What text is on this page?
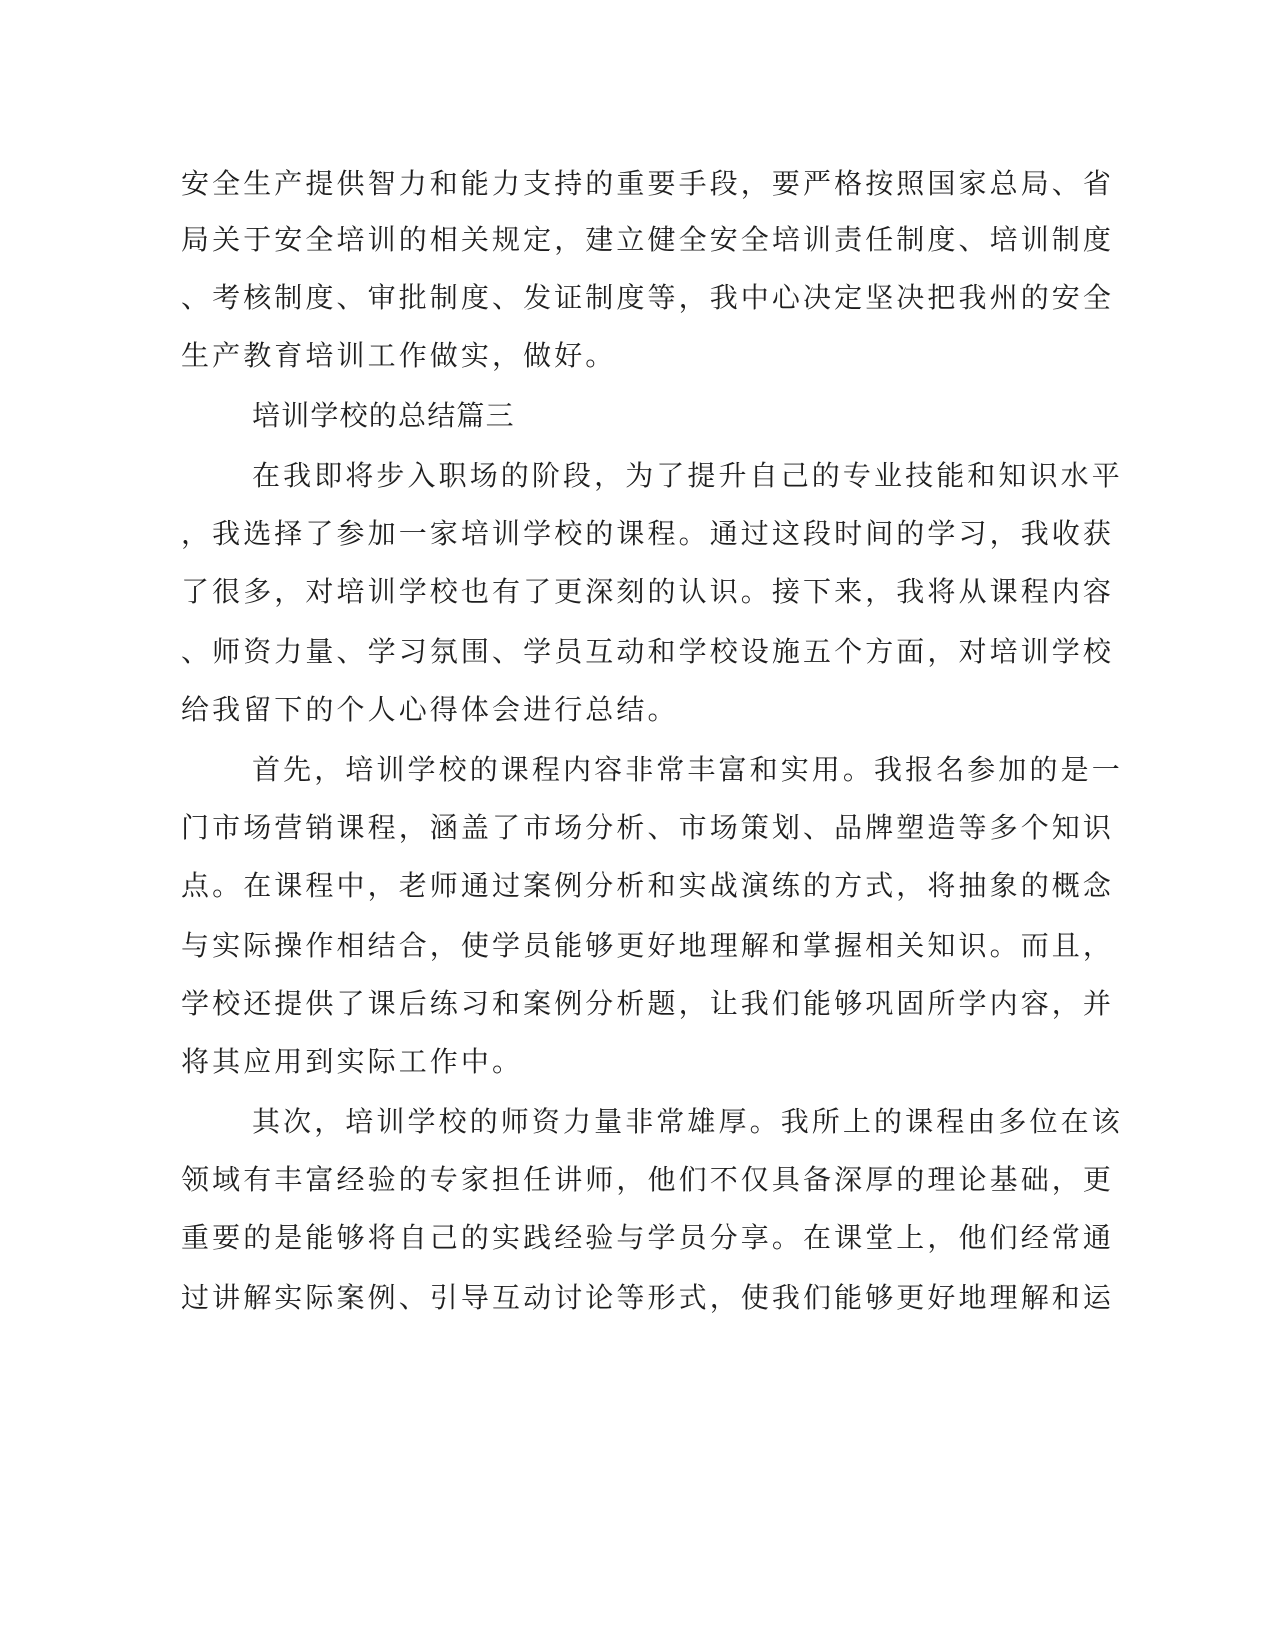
安全生产提供智力和能力支持的重要手段，要严格按照国家总局、省
局关于安全培训的相关规定，建立健全安全培训责任制度、培训制度
、考核制度、审批制度、发证制度等，我中心决定坚决把我州的安全
生产教育培训工作做实，做好。
培训学校的总结篇三
在我即将步入职场的阶段，为了提升自己的专业技能和知识水平
，我选择了参加一家培训学校的课程。通过这段时间的学习，我收获
了很多，对培训学校也有了更深刻的认识。接下来，我将从课程内容
、师资力量、学习氛围、学员互动和学校设施五个方面，对培训学校
给我留下的个人心得体会进行总结。
首先，培训学校的课程内容非常丰富和实用。我报名参加的是一
门市场营销课程，涵盖了市场分析、市场策划、品牌塑造等多个知识
点。在课程中，老师通过案例分析和实战演练的方式，将抽象的概念
与实际操作相结合，使学员能够更好地理解和掌握相关知识。而且，
学校还提供了课后练习和案例分析题，让我们能够巩固所学内容，并
将其应用到实际工作中。
其次，培训学校的师资力量非常雄厚。我所上的课程由多位在该
领域有丰富经验的专家担任讲师，他们不仅具备深厚的理论基础，更
重要的是能够将自己的实践经验与学员分享。在课堂上，他们经常通
过讲解实际案例、引导互动讨论等形式，使我们能够更好地理解和运
